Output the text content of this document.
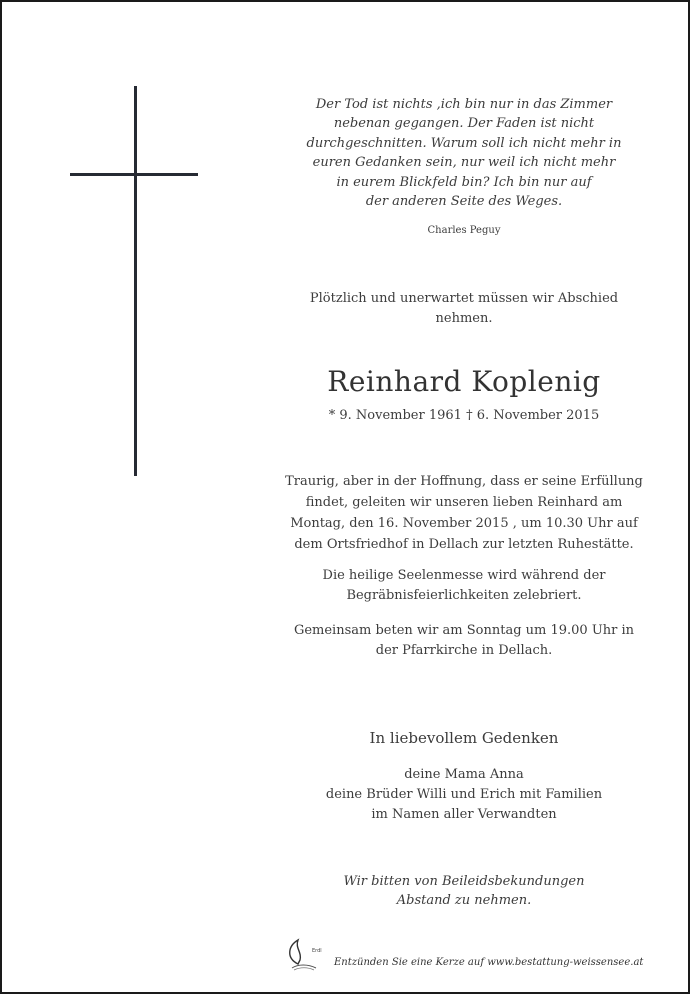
Der Tod ist nichts ,ich bin nur in das Zimmer
nebenan gegangen. Der Faden ist nicht
durchgeschnitten. Warum soll ich nicht mehr in
euren Gedanken sein, nur weil ich nicht mehr
in eurem Blickfeld bin? Ich bin nur auf
der anderen Seite des Weges.
Charles Peguy
Plötzlich und unerwartet müssen wir Abschied
nehmen.
Reinhard Koplenig
* 9. November 1961 † 6. November 2015
Traurig, aber in der Hoffnung, dass er seine Erfüllung
findet, geleiten wir unseren lieben Reinhard am
Montag, den 16. November 2015 , um 10.30 Uhr auf
dem Ortsfriedhof in Dellach zur letzten Ruhestätte.
Die heilige Seelenmesse wird während der
Begräbnisfeierlichkeiten zelebriert.
Gemeinsam beten wir am Sonntag um 19.00 Uhr in
der Pfarrkirche in Dellach.
In liebevollem Gedenken
deine Mama Anna
deine Brüder Willi und Erich mit Familien
im Namen aller Verwandten
Wir bitten von Beileidsbekundungen
Abstand zu nehmen.
Erdl
Entzünden Sie eine Kerze auf www.bestattung-weissensee.at
